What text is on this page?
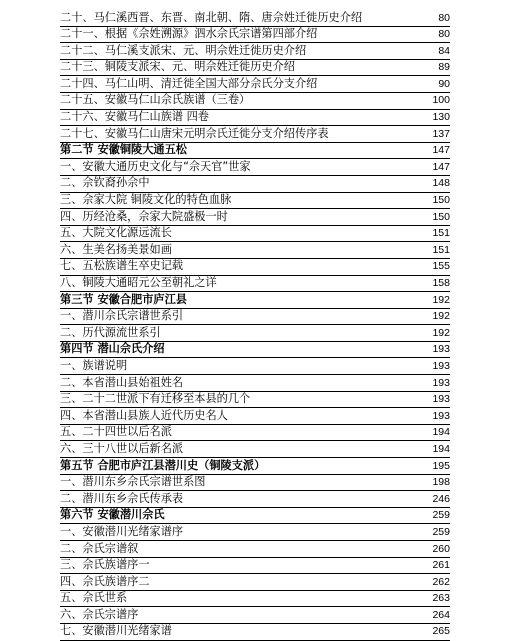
二十、马仁溪西晋、东晋、南北朝、隋、唐佘姓迁徙历史介绍	80
二十一、根据《佘姓溯源》泗水佘氏宗谱第四部介绍	80
二十二、马仁溪支派宋、元、明佘姓迁徙历史介绍	84
二十三、铜陵支派宋、元、明佘姓迁徙历史介绍	89
二十四、马仁山明、清迁徙全国大部分佘氏分支介绍	90
二十五、安徽马仁山佘氏族谱（三卷）	100
二十六、安徽马仁山族谱 四卷	130
二十七、安徽马仁山唐宋元明佘氏迁徙分支介绍传序表	137
第二节 安徽铜陵大通五松	147
一、安徽大通历史文化与“佘天官”世家	147
二、佘钦裔孙佘中	148
三、佘家大院 铜陵文化的特色血脉	150
四、历经沧桑，佘家大院盛极一时	150
五、大院文化源远流长	151
六、生美名扬美景如画	151
七、五松族谱生卒史记载	155
八、铜陵大通昭元公至朝礼之详	158
第三节 安徽合肥市庐江县	192
一、潜川佘氏宗谱世系引	192
二、历代源流世系引	192
第四节 潜山佘氏介绍	193
一、族谱说明	193
二、本省潜山县始祖姓名	193
三、二十二世派下有迁移至本县的几个	193
四、本省潜山县族人近代历史名人	193
五、二十四世以后名派	194
六、三十八世以后新名派	194
第五节 合肥市庐江县潜川史（铜陵支派）	195
一、潜川东乡佘氏宗谱世系图	198
二、潜川东乡佘氏传承表	246
第六节 安徽潜川佘氏	259
一、安徽潜川光绪家谱序	259
二、佘氏宗谱叙	260
三、佘氏族谱序一	261
四、佘氏族谱序二	262
五、佘氏世系	263
六、佘氏宗谱序	264
七、安徽潜川光绪家谱	265
